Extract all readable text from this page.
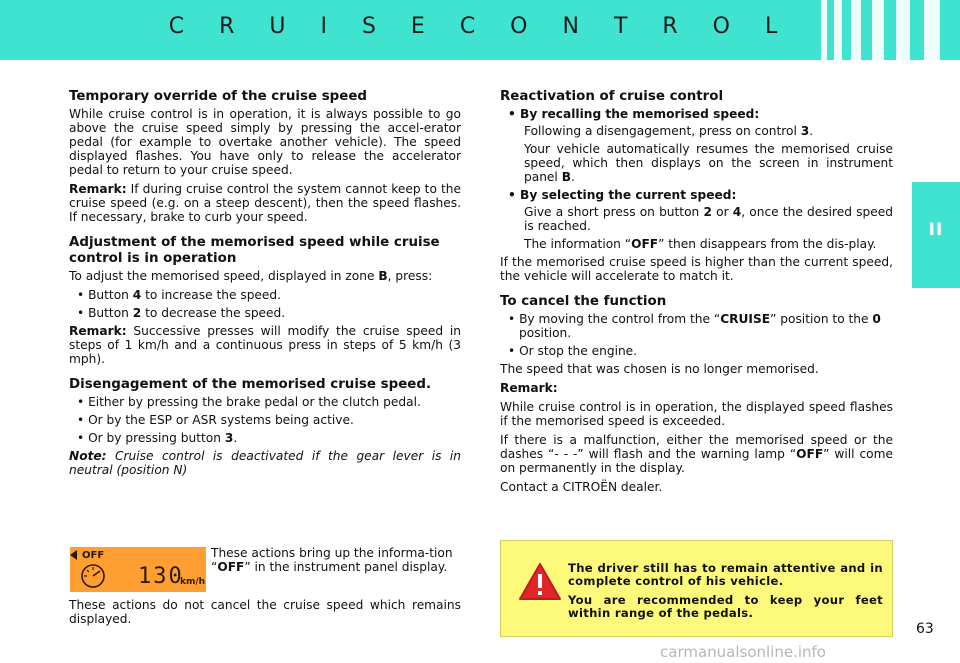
C R U I S E C O N T R O L
II
Temporary override of the cruise speed

While cruise control is in operation, it is always possible to go above the cruise speed simply by pressing the accel-erator pedal (for example to overtake another vehicle). The speed displayed flashes. You have only to release the accelerator pedal to return to your cruise speed.

Remark: If during cruise control the system cannot keep to the cruise speed (e.g. on a steep descent), then the speed flashes. If necessary, brake to curb your speed.

Adjustment of the memorised speed while cruise control is in operation

To adjust the memorised speed, displayed in zone B, press:

• Button 4 to increase the speed.
• Button 2 to decrease the speed.

Remark: Successive presses will modify the cruise speed in steps of 1 km/h and a continuous press in steps of 5 km/h (3 mph).

Disengagement of the memorised cruise speed.
• Either by pressing the brake pedal or the clutch pedal.
• Or by the ESP or ASR systems being active.
• Or by pressing button 3.

Note: Cruise control is deactivated if the gear lever is in neutral (position N)

OFF
130
km/h
These actions bring up the informa-tion “OFF” in the instrument panel display.
These actions do not cancel the cruise speed which remains displayed.
Reactivation of cruise control
• By recalling the memorised speed:

Following a disengagement, press on control 3.

Your vehicle automatically resumes the memorised cruise speed, which then displays on the screen in instrument panel B.

• By selecting the current speed:

Give a short press on button 2 or 4, once the desired speed is reached.

The information “OFF” then disappears from the dis-play.

If the memorised cruise speed is higher than the current speed, the vehicle will accelerate to match it.

To cancel the function
• By moving the control from the “CRUISE” position to the 0 position.
• Or stop the engine.

The speed that was chosen is no longer memorised.

Remark:

While cruise control is in operation, the displayed speed flashes if the memorised speed is exceeded.

If there is a malfunction, either the memorised speed or the dashes “- - -” will flash and the warning lamp “OFF” will come on permanently in the display.

Contact a CITROËN dealer.

The driver still has to remain attentive and in complete control of his vehicle.

You are recommended to keep your feet within range of the pedals.

63
carmanualsonline.info
